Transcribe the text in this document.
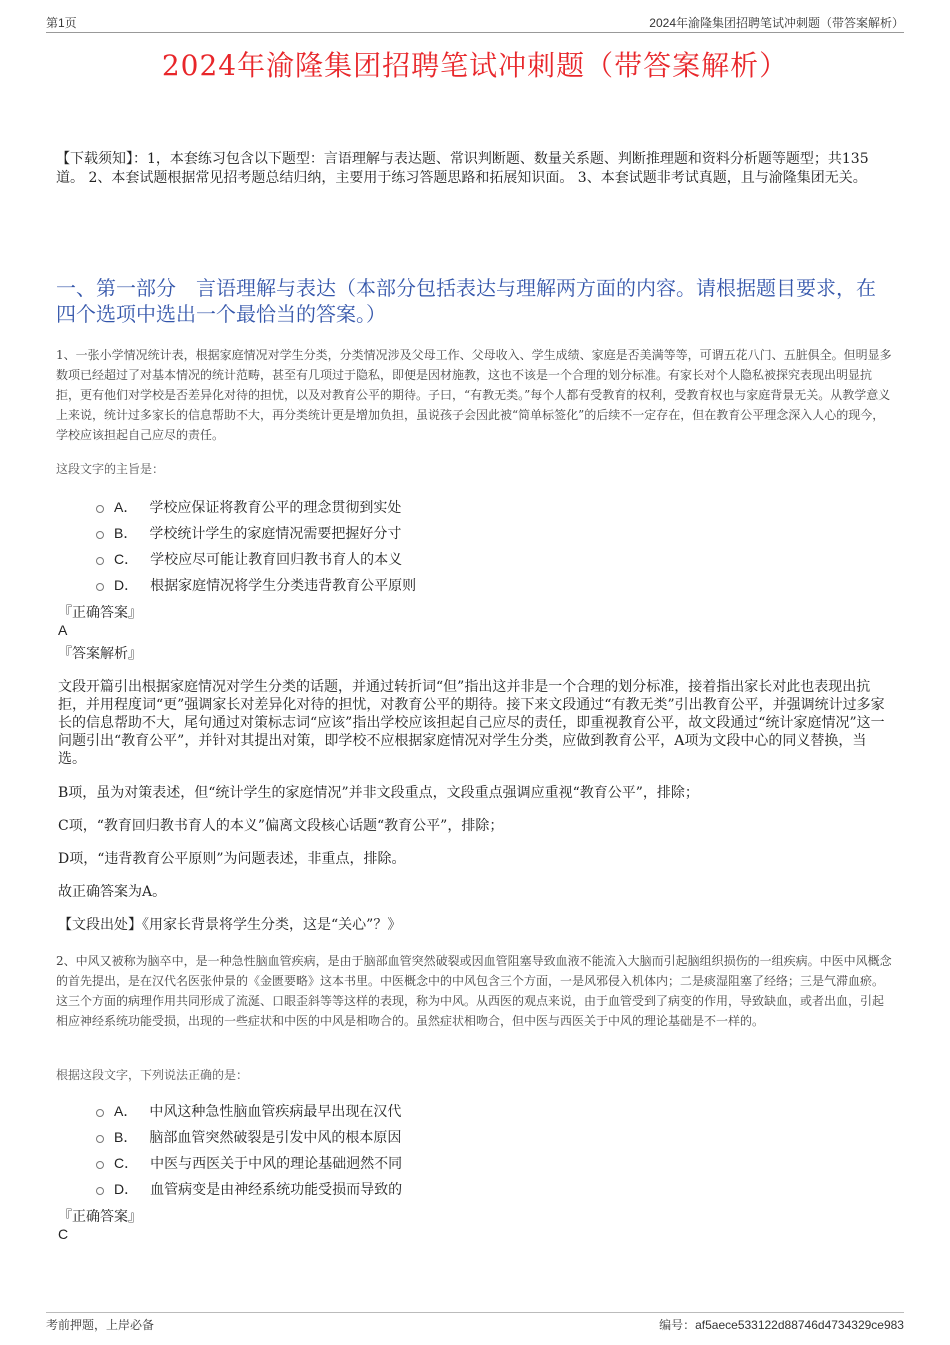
第1页	2024年渝隆集团招聘笔试冲刺题（带答案解析）
2024年渝隆集团招聘笔试冲刺题（带答案解析）
【下载须知】：1，本套练习包含以下题型：言语理解与表达题、常识判断题、数量关系题、判断推理题和资料分析题等题型；共135道。 2、本套试题根据常见招考题总结归纳，主要用于练习答题思路和拓展知识面。 3、本套试题非考试真题，且与渝隆集团无关。
一、第一部分　言语理解与表达（本部分包括表达与理解两方面的内容。请根据题目要求，在四个选项中选出一个最恰当的答案。）
1、一张小学情况统计表，根据家庭情况对学生分类，分类情况涉及父母工作、父母收入、学生成绩、家庭是否美满等等，可谓五花八门、五脏俱全。但明显多数项已经超过了对基本情况的统计范畴，甚至有几项过于隐私，即便是因材施教，这也不该是一个合理的划分标准。有家长对个人隐私被探究表现出明显抗拒，更有他们对学校是否差异化对待的担忧，以及对教育公平的期待。子曰，“有教无类。”每个人都有受教育的权利，受教育权也与家庭背景无关。从教学意义上来说，统计过多家长的信息帮助不大，再分类统计更是增加负担，虽说孩子会因此被“简单标签化”的后续不一定存在，但在教育公平理念深入人心的现今，学校应该担起自己应尽的责任。
这段文字的主旨是：
A． 学校应保证将教育公平的理念贯彻到实处
B． 学校统计学生的家庭情况需要把握好分寸
C． 学校应尽可能让教育回归教书育人的本义
D． 根据家庭情况将学生分类违背教育公平原则
『正确答案』
A
『答案解析』
文段开篇引出根据家庭情况对学生分类的话题，并通过转折词“但”指出这并非是一个合理的划分标准，接着指出家长对此也表现出抗拒，并用程度词“更”强调家长对差异化对待的担忧，对教育公平的期待。接下来文段通过“有教无类”引出教育公平，并强调统计过多家长的信息帮助不大，尾句通过对策标志词“应该”指出学校应该担起自己应尽的责任，即重视教育公平，故文段通过“统计家庭情况”这一问题引出“教育公平”，并针对其提出对策，即学校不应根据家庭情况对学生分类，应做到教育公平，A项为文段中心的同义替换，当选。
B项，虽为对策表述，但“统计学生的家庭情况”并非文段重点，文段重点强调应重视“教育公平”，排除；
C项，“教育回归教书育人的本义”偏离文段核心话题“教育公平”，排除；
D项，“违背教育公平原则”为问题表述，非重点，排除。
故正确答案为A。
【文段出处】《用家长背景将学生分类，这是“关心”？》
2、中风又被称为脑卒中，是一种急性脑血管疾病，是由于脑部血管突然破裂或因血管阻塞导致血液不能流入大脑而引起脑组织损伤的一组疾病。中医中风概念的首先提出，是在汉代名医张仲景的《金匮要略》这本书里。中医概念中的中风包含三个方面，一是风邪侵入机体内；二是痰湿阻塞了经络；三是气滞血瘀。这三个方面的病理作用共同形成了流涎、口眼歪斜等等这样的表现，称为中风。从西医的观点来说，由于血管受到了病变的作用，导致缺血，或者出血，引起相应神经系统功能受损，出现的一些症状和中医的中风是相吻合的。虽然症状相吻合，但中医与西医关于中风的理论基础是不一样的。
根据这段文字，下列说法正确的是：
A． 中风这种急性脑血管疾病最早出现在汉代
B． 脑部血管突然破裂是引发中风的根本原因
C． 中医与西医关于中风的理论基础迥然不同
D． 血管病变是由神经系统功能受损而导致的
『正确答案』
C
考前押题，上岸必备	编号：af5aece533122d88746d4734329ce983
